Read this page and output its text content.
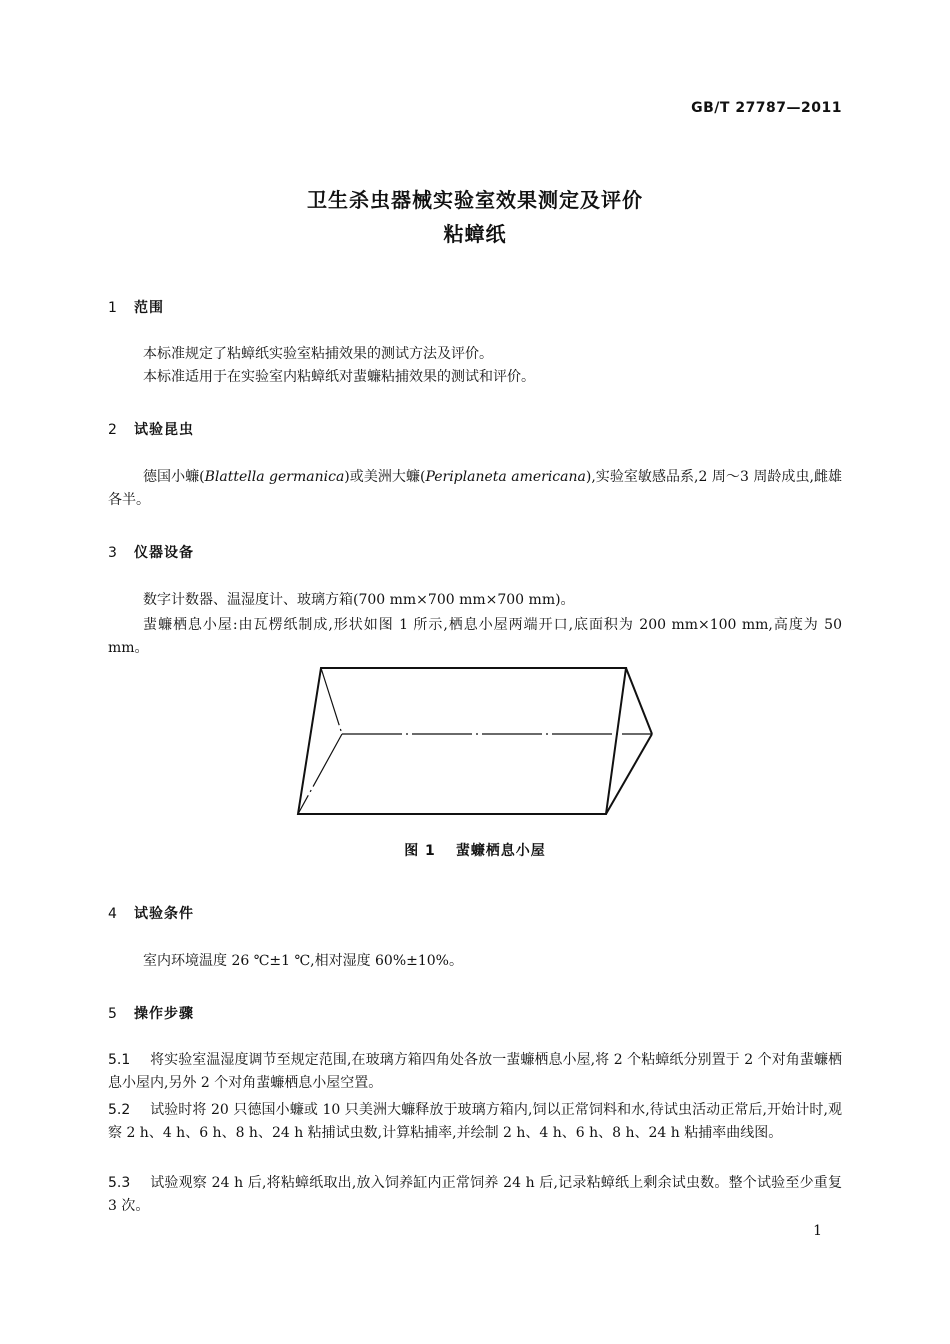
GB/T 27787—2011
卫生杀虫器械实验室效果测定及评价
粘蟑纸
1 范围
本标准规定了粘蟑纸实验室粘捕效果的测试方法及评价。
本标准适用于在实验室内粘蟑纸对蜚蠊粘捕效果的测试和评价。
2 试验昆虫
德国小蠊(Blattella germanica)或美洲大蠊(Periplaneta americana),实验室敏感品系,2 周～3 周龄成虫,雌雄各半。
3 仪器设备
数字计数器、温湿度计、玻璃方箱(700 mm×700 mm×700 mm)。
蜚蠊栖息小屋:由瓦楞纸制成,形状如图 1 所示,栖息小屋两端开口,底面积为 200 mm×100 mm,高度为 50 mm。
图 1 蜚蠊栖息小屋
4 试验条件
室内环境温度 26 ℃±1 ℃,相对湿度 60%±10%。
5 操作步骤
5.1 将实验室温湿度调节至规定范围,在玻璃方箱四角处各放一蜚蠊栖息小屋,将 2 个粘蟑纸分别置于 2 个对角蜚蠊栖息小屋内,另外 2 个对角蜚蠊栖息小屋空置。
5.2 试验时将 20 只德国小蠊或 10 只美洲大蠊释放于玻璃方箱内,饲以正常饲料和水,待试虫活动正常后,开始计时,观察 2 h、4 h、6 h、8 h、24 h 粘捕试虫数,计算粘捕率,并绘制 2 h、4 h、6 h、8 h、24 h 粘捕率曲线图。
5.3 试验观察 24 h 后,将粘蟑纸取出,放入饲养缸内正常饲养 24 h 后,记录粘蟑纸上剩余试虫数。整个试验至少重复 3 次。
1
